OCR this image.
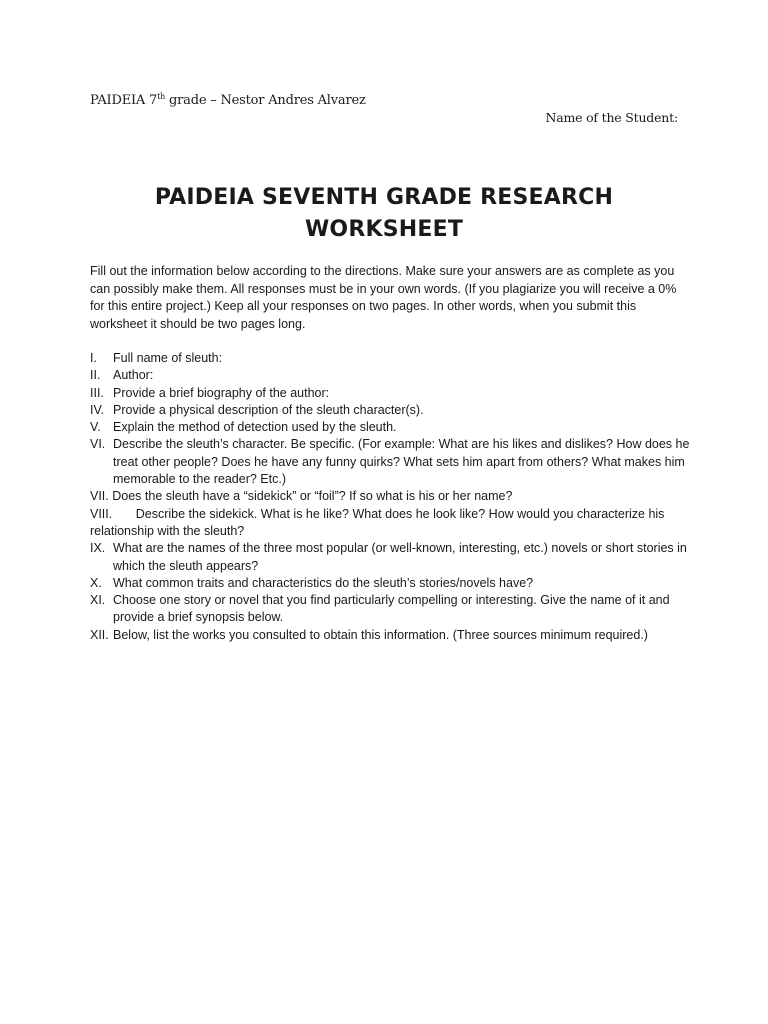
PAIDEIA 7th grade – Nestor Andres Alvarez
Name of the Student:
PAIDEIA SEVENTH GRADE RESEARCH
WORKSHEET
Fill out the information below according to the directions. Make sure your answers are as complete as you can possibly make them. All responses must be in your own words. (If you plagiarize you will receive a 0% for this entire project.) Keep all your responses on two pages. In other words, when you submit this worksheet it should be two pages long.
I. Full name of sleuth:
II. Author:
III. Provide a brief biography of the author:
IV. Provide a physical description of the sleuth character(s).
V. Explain the method of detection used by the sleuth.
VI. Describe the sleuth’s character. Be specific. (For example: What are his likes and dislikes? How does he treat other people? Does he have any funny quirks? What sets him apart from others? What makes him memorable to the reader? Etc.)
VII. Does the sleuth have a “sidekick” or “foil”? If so what is his or her name?
VIII. Describe the sidekick. What is he like? What does he look like? How would you characterize his relationship with the sleuth?
IX. What are the names of the three most popular (or well-known, interesting, etc.) novels or short stories in which the sleuth appears?
X. What common traits and characteristics do the sleuth’s stories/novels have?
XI. Choose one story or novel that you find particularly compelling or interesting. Give the name of it and provide a brief synopsis below.
XII. Below, list the works you consulted to obtain this information. (Three sources minimum required.)
